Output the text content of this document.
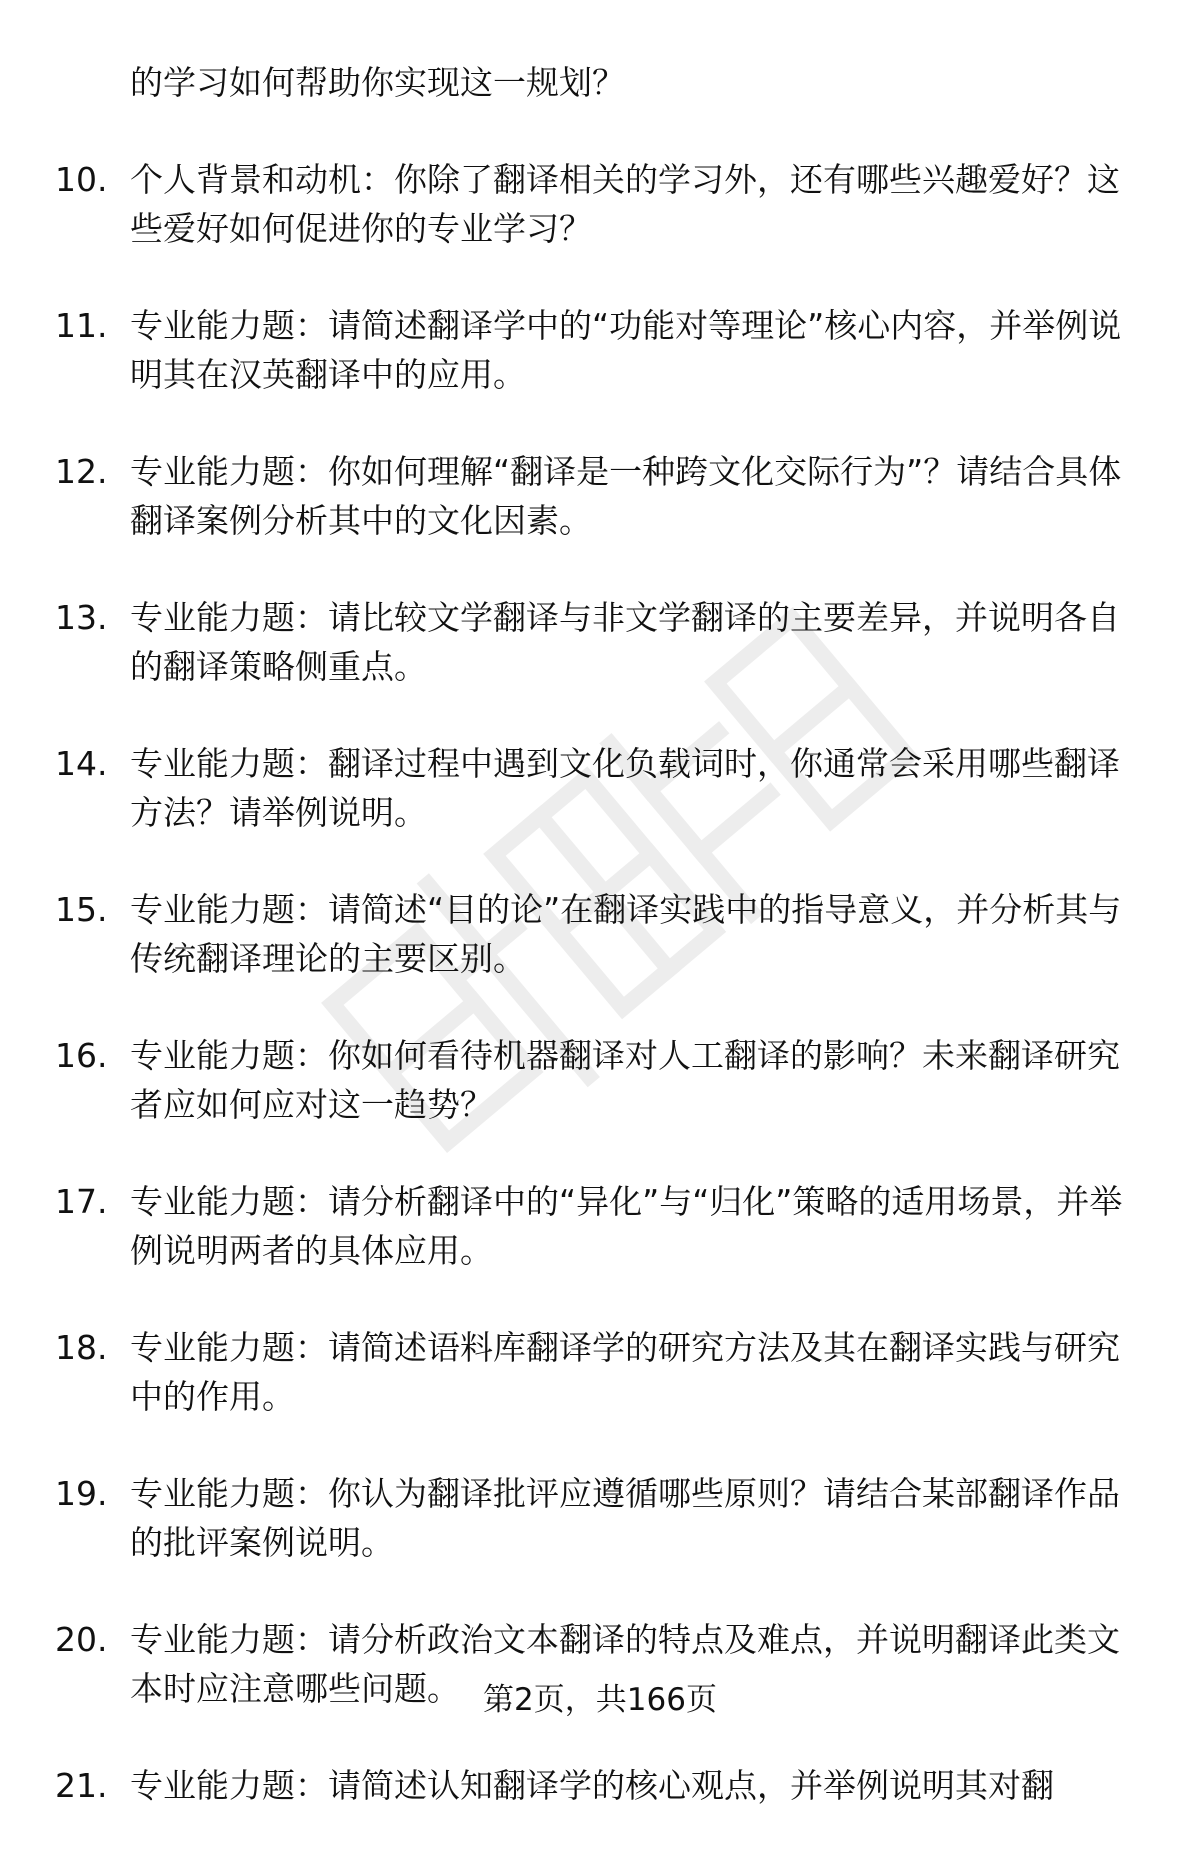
的学习如何帮助你实现这一规划？
10. 个人背景和动机：你除了翻译相关的学习外，还有哪些兴趣爱好？这些爱好如何促进你的专业学习？
11. 专业能力题：请简述翻译学中的“功能对等理论”核心内容，并举例说明其在汉英翻译中的应用。
12. 专业能力题：你如何理解“翻译是一种跨文化交际行为”？请结合具体翻译案例分析其中的文化因素。
13. 专业能力题：请比较文学翻译与非文学翻译的主要差异，并说明各自的翻译策略侧重点。
14. 专业能力题：翻译过程中遇到文化负载词时，你通常会采用哪些翻译方法？请举例说明。
15. 专业能力题：请简述“目的论”在翻译实践中的指导意义，并分析其与传统翻译理论的主要区别。
16. 专业能力题：你如何看待机器翻译对人工翻译的影响？未来翻译研究者应如何应对这一趋势？
17. 专业能力题：请分析翻译中的“异化”与“归化”策略的适用场景，并举例说明两者的具体应用。
18. 专业能力题：请简述语料库翻译学的研究方法及其在翻译实践与研究中的作用。
19. 专业能力题：你认为翻译批评应遵循哪些原则？请结合某部翻译作品的批评案例说明。
20. 专业能力题：请分析政治文本翻译的特点及难点，并说明翻译此类文本时应注意哪些问题。
21. 专业能力题：请简述认知翻译学的核心观点，并举例说明其对翻
第2页，共166页
